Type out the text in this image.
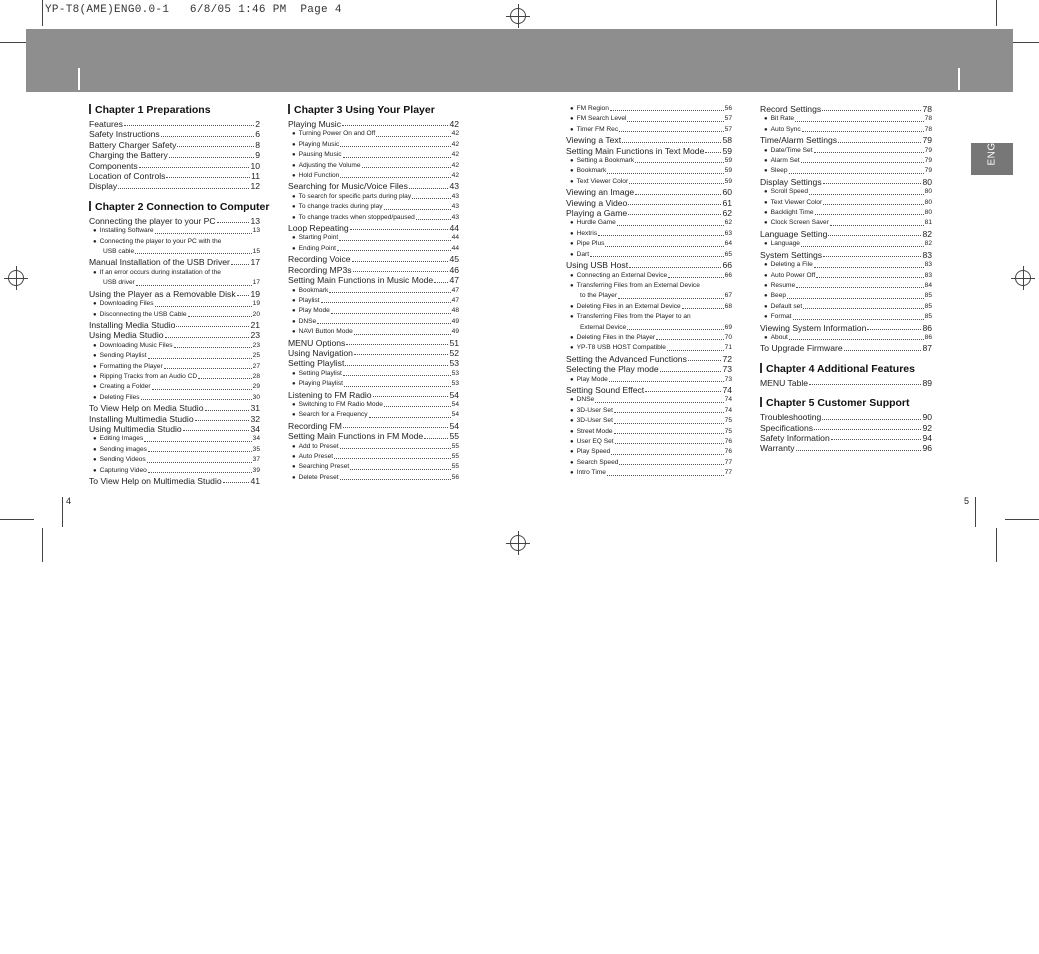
YP-T8(AME)ENG0.0-1   6/8/05 1:46 PM  Page 4
ENG
Chapter 1 Preparations
Features	2
Safety Instructions	6
Battery Charger Safety	8
Charging the Battery	9
Components	10
Location of Controls	11
Display	12
Chapter 2 Connection to Computer
Connecting the player to your PC	13
● Installing Software	13
● Connecting the player to your PC with the
USB cable	15
Manual Installation of the USB Driver 17
● If an error occurs during installation of the
USB driver	17
Using the Player as a Removable Disk 19
● Downloading Files	19
● Disconnecting the USB Cable	20
Installing Media Studio	21
Using Media Studio	23
● Downloading Music Files	23
● Sending Playlist	25
● Formatting the Player	27
● Ripping Tracks from an Audio CD	28
● Creating a Folder	29
● Deleting Files	30
To View Help on Media Studio	31
Installing Multimedia Studio	32
Using Multimedia Studio	34
● Editing Images	34
● Sending images	35
● Sending Videos	37
● Capturing Video	39
To View Help on Multimedia Studio	41
Chapter 3 Using Your Player
Playing Music	42
● Turning Power On and Off	42
● Playing Music	42
● Pausing Music	42
● Adjusting the Volume	42
● Hold Function	42
Searching for Music/Voice Files	43
● To search for specific parts during play	43
● To change tracks during play	43
● To change tracks when stopped/paused	43
Loop Repeating	44
● Starting Point	44
● Ending Point	44
Recording Voice	45
Recording MP3s	46
Setting Main Functions in Music Mode 47
● Bookmark	47
● Playlist	47
● Play Mode	48
● DNSe	49
● NAVI Button Mode	49
MENU Options	51
Using Navigation	52
Setting Playlist	53
● Setting Playlist	53
● Playing Playlist	53
Listening to FM Radio	54
● Switching to FM Radio Mode	54
● Search for a Frequency	54
Recording FM	54
Setting Main Functions in FM Mode	55
● Add to Preset	55
● Auto Preset	55
● Searching Preset	55
● Delete Preset	56
● FM Region	56
● FM Search Level	57
● Timer FM Rec	57
Viewing a Text	58
Setting Main Functions in Text Mode 59
● Setting a Bookmark	59
● Bookmark	59
● Text Viewer Color	59
Viewing an Image	60
Viewing a Video	61
Playing a Game	62
● Hurdle Game	62
● Hextris	63
● Pipe Plus	64
● Dart	65
Using USB Host	66
● Connecting an External Device	66
● Transferring Files from an External Device
to the Player	67
● Deleting Files in an External Device	68
● Transferring Files from the Player to an
External Device	69
● Deleting Files in the Player	70
● YP-T8 USB HOST Compatible	71
Setting the Advanced Functions	72
Selecting the Play mode	73
● Play Mode	73
Setting Sound Effect	74
● DNSe	74
● 3D-User Set	74
● 3D-User Set	75
● Street Mode	75
● User EQ Set	76
● Play Speed	76
● Search Speed	77
● Intro Time	77
Record Settings	78
● Bit Rate	78
● Auto Sync	78
Time/Alarm Settings	79
● Date/Time Set	79
● Alarm Set	79
● Sleep	79
Display Settings	80
● Scroll Speed	80
● Text Viewer Color	80
● Backlight Time	80
● Clock Screen Saver	81
Language Setting	82
● Language	82
System Settings	83
● Deleting a File	83
● Auto Power Off	83
● Resume	84
● Beep	85
● Default set	85
● Format	85
Viewing System Information	86
● About	86
To Upgrade Firmware	87
Chapter 4 Additional Features
MENU Table	89
Chapter 5 Customer Support
Troubleshooting	90
Specifications	92
Safety Information	94
Warranty	96
4	5
